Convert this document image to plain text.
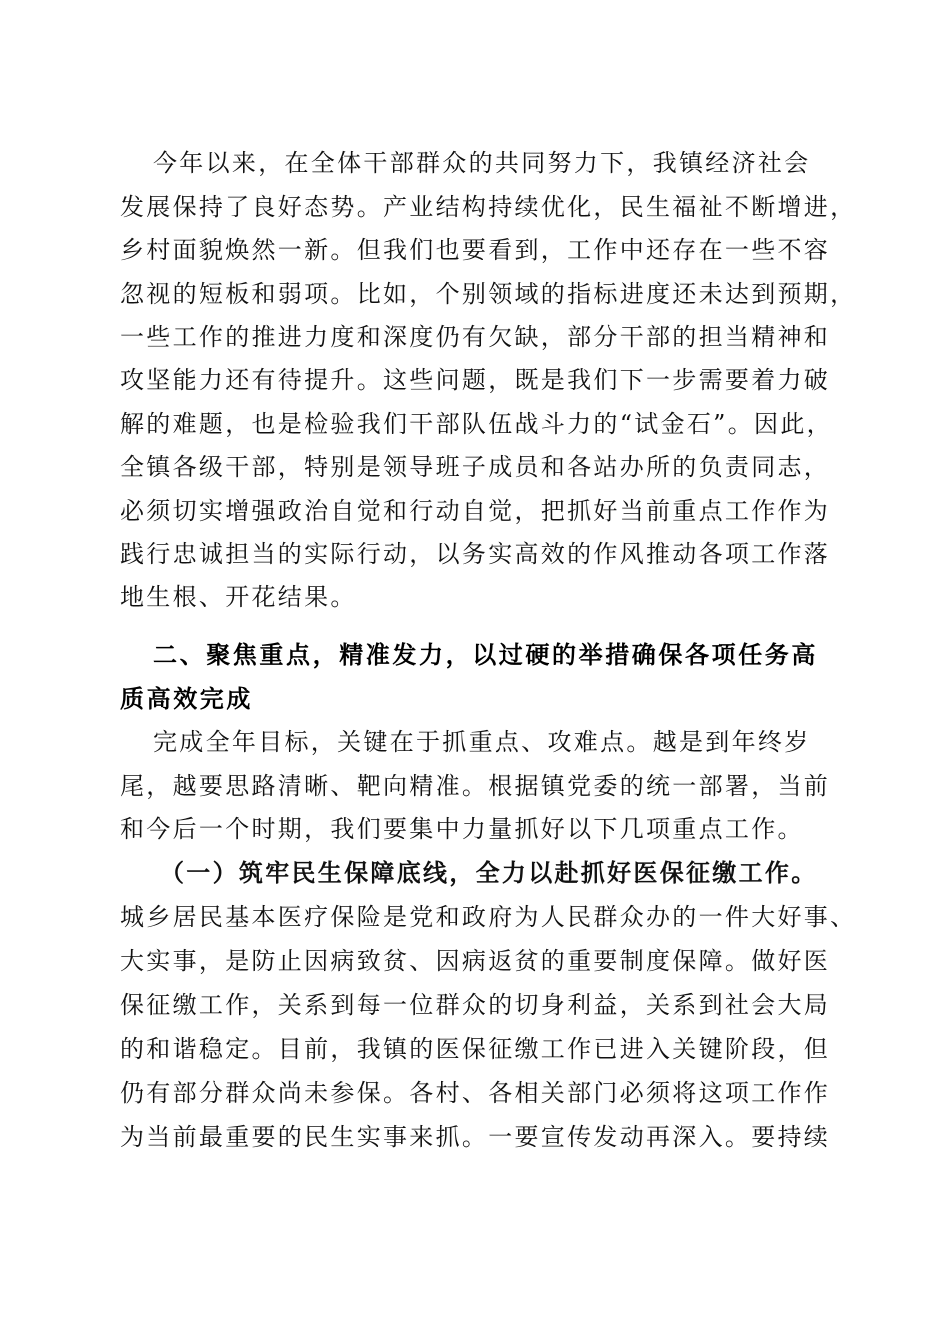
今年以来，在全体干部群众的共同努力下，我镇经济社会
发展保持了良好态势。产业结构持续优化，民生福祉不断增进，
乡村面貌焕然一新。但我们也要看到，工作中还存在一些不容
忽视的短板和弱项。比如，个别领域的指标进度还未达到预期，
一些工作的推进力度和深度仍有欠缺，部分干部的担当精神和
攻坚能力还有待提升。这些问题，既是我们下一步需要着力破
解的难题，也是检验我们干部队伍战斗力的“试金石”。因此，
全镇各级干部，特别是领导班子成员和各站办所的负责同志，
必须切实增强政治自觉和行动自觉，把抓好当前重点工作作为
践行忠诚担当的实际行动，以务实高效的作风推动各项工作落
地生根、开花结果。
二、聚焦重点，精准发力，以过硬的举措确保各项任务高
质高效完成
完成全年目标，关键在于抓重点、攻难点。越是到年终岁
尾，越要思路清晰、靶向精准。根据镇党委的统一部署，当前
和今后一个时期，我们要集中力量抓好以下几项重点工作。
（一）筑牢民生保障底线，全力以赴抓好医保征缴工作。
城乡居民基本医疗保险是党和政府为人民群众办的一件大好事、
大实事，是防止因病致贫、因病返贫的重要制度保障。做好医
保征缴工作，关系到每一位群众的切身利益，关系到社会大局
的和谐稳定。目前，我镇的医保征缴工作已进入关键阶段，但
仍有部分群众尚未参保。各村、各相关部门必须将这项工作作
为当前最重要的民生实事来抓。一要宣传发动再深入。要持续
